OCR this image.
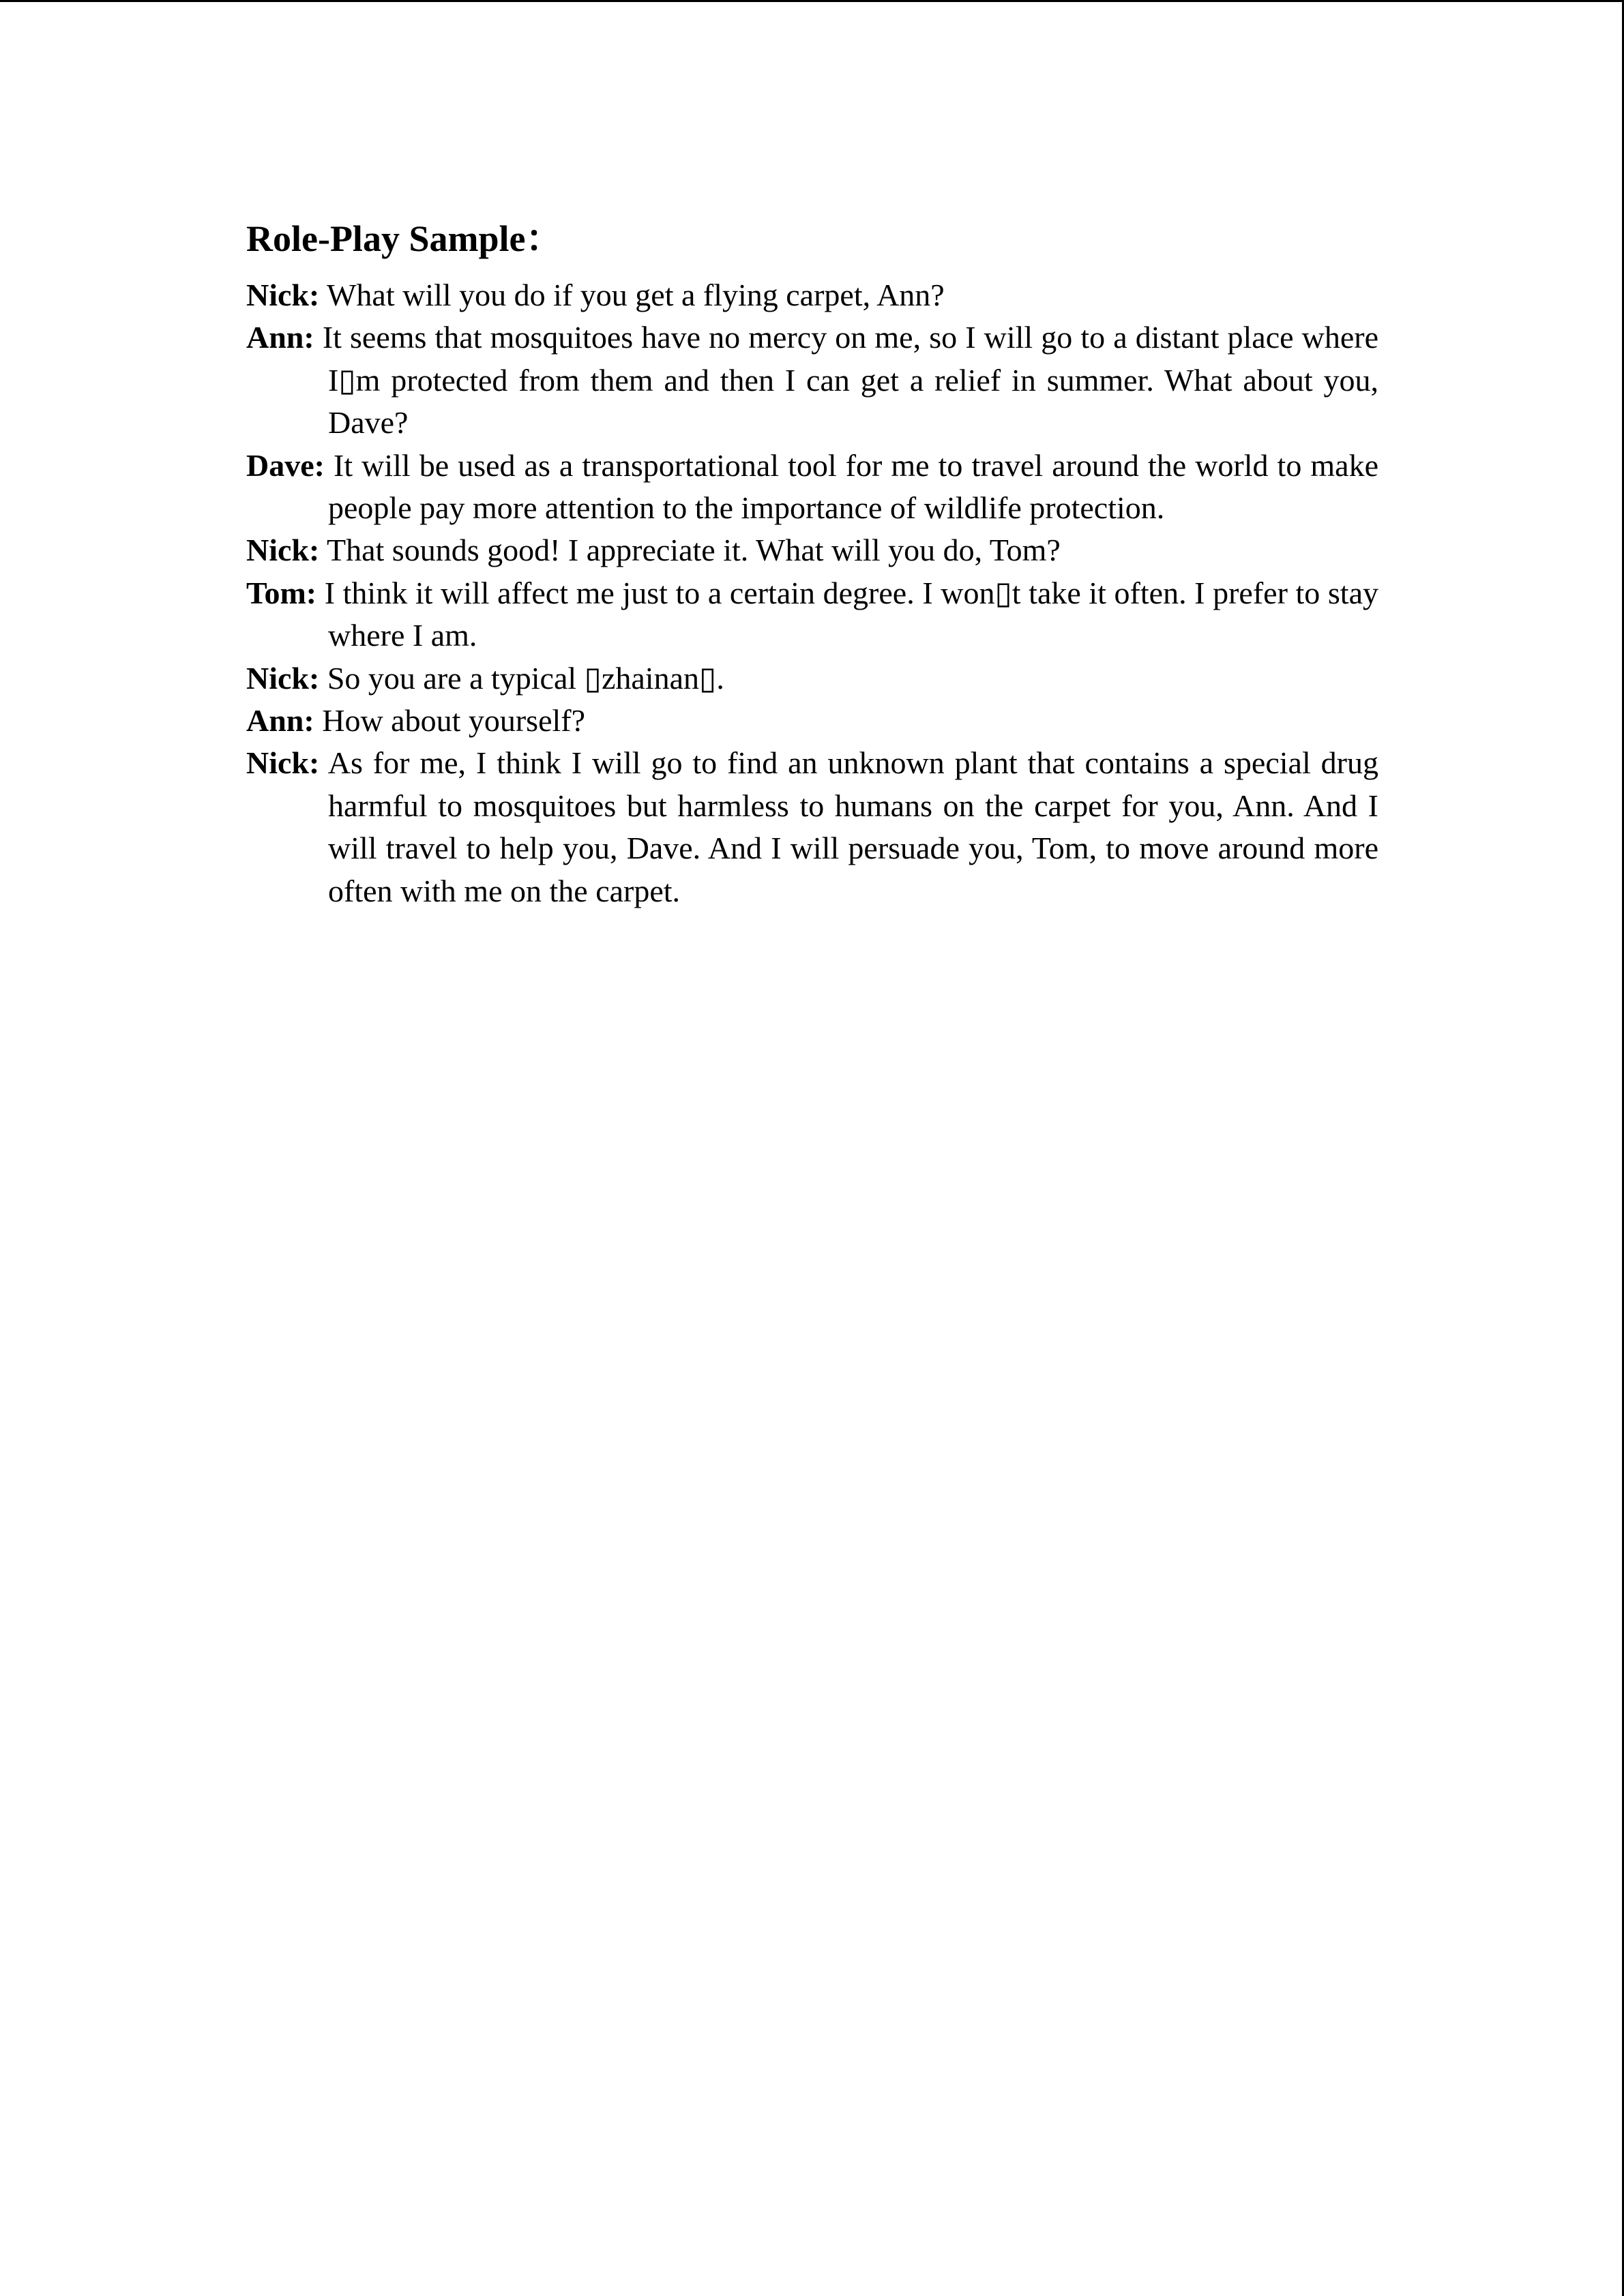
Role-Play Sample：
Nick: What will you do if you get a flying carpet, Ann?
Ann: It seems that mosquitoes have no mercy on me, so I will go to a distant place where I▯m protected from them and then I can get a relief in summer. What about you, Dave?
Dave: It will be used as a transportational tool for me to travel around the world to make people pay more attention to the importance of wildlife protection.
Nick: That sounds good! I appreciate it. What will you do, Tom?
Tom: I think it will affect me just to a certain degree. I won▯t take it often. I prefer to stay where I am.
Nick: So you are a typical ▯zhainan▯.
Ann: How about yourself?
Nick: As for me, I think I will go to find an unknown plant that contains a special drug harmful to mosquitoes but harmless to humans on the carpet for you, Ann. And I will travel to help you, Dave. And I will persuade you, Tom, to move around more often with me on the carpet.
